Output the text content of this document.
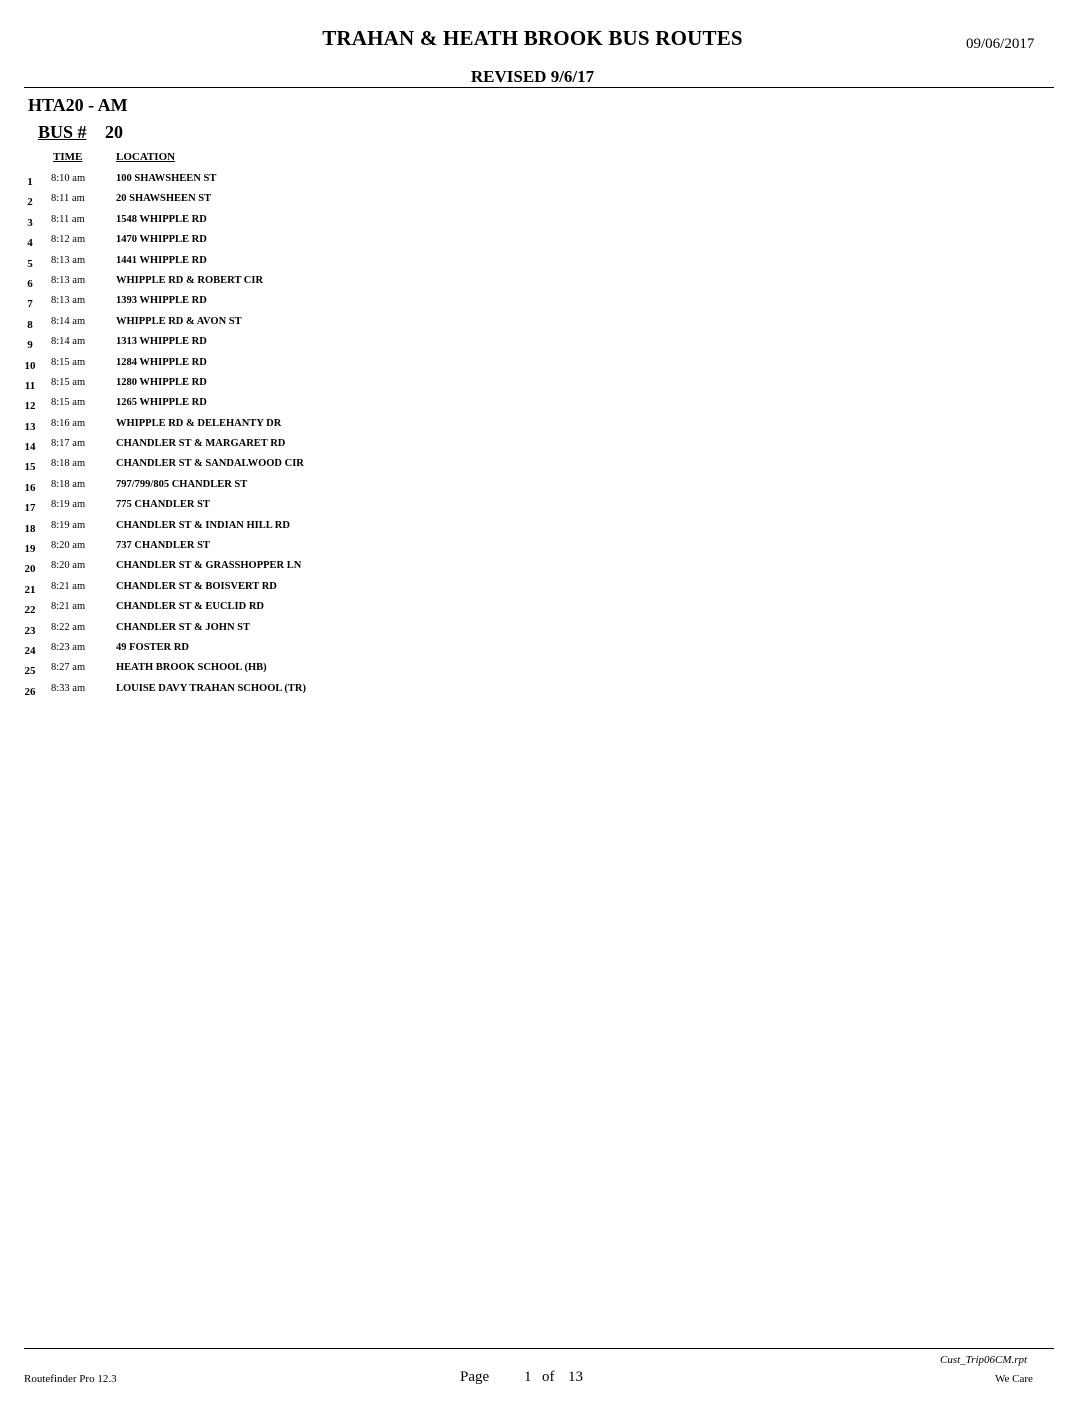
TRAHAN & HEATH BROOK BUS ROUTES	09/06/2017
REVISED 9/6/17
HTA20 - AM
BUS # 20
TIME	LOCATION
1	8:10 am	100 SHAWSHEEN ST
2	8:11 am	20 SHAWSHEEN ST
3	8:11 am	1548 WHIPPLE RD
4	8:12 am	1470 WHIPPLE RD
5	8:13 am	1441 WHIPPLE RD
6	8:13 am	WHIPPLE RD & ROBERT CIR
7	8:13 am	1393 WHIPPLE RD
8	8:14 am	WHIPPLE RD & AVON ST
9	8:14 am	1313 WHIPPLE RD
10 8:15 am	1284 WHIPPLE RD
11 8:15 am	1280 WHIPPLE RD
12 8:15 am	1265 WHIPPLE RD
13 8:16 am	WHIPPLE RD & DELEHANTY DR
14 8:17 am	CHANDLER ST & MARGARET RD
15 8:18 am	CHANDLER ST & SANDALWOOD CIR
16 8:18 am	797/799/805 CHANDLER ST
17 8:19 am	775 CHANDLER ST
18 8:19 am	CHANDLER ST & INDIAN HILL RD
19 8:20 am	737 CHANDLER ST
20 8:20 am	CHANDLER ST & GRASSHOPPER LN
21 8:21 am	CHANDLER ST & BOISVERT RD
22 8:21 am	CHANDLER ST & EUCLID RD
23 8:22 am	CHANDLER ST & JOHN ST
24 8:23 am	49 FOSTER RD
25 8:27 am	HEATH BROOK SCHOOL (HB)
26 8:33 am	LOUISE DAVY TRAHAN SCHOOL (TR)
Cust_Trip06CM.rpt
Routefinder Pro 12.3	Page 1 of 13	We Care
